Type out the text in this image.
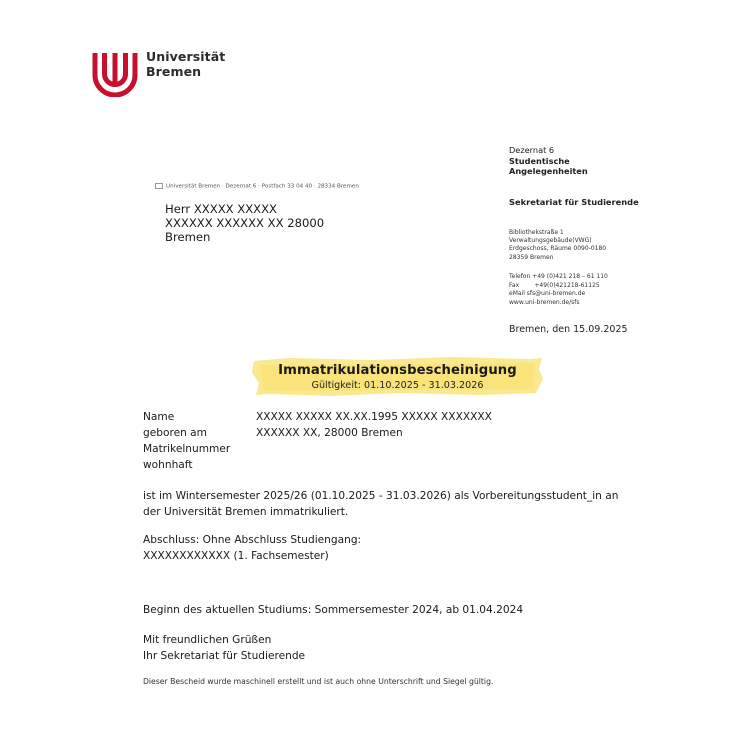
Universität
Bremen
Dezernat 6
Studentische
Angelegenheiten
Sekretariat für Studierende
Bibliothekstraße 1
Verwaltungsgebäude(VWG)
Erdgeschoss, Räume 0090-0180
28359 Bremen
Telefon +49 (0)421 218 – 61 110
Fax        +49(0)421218-61125
eMail sfs@uni-bremen.de
www.uni-bremen.de/sfs
Bremen, den 15.09.2025
Universität Bremen · Dezernat 6 · Postfach 33 04 40 · 28334 Bremen
Herr XXXXX XXXXX
XXXXXX XXXXXX XX 28000
Bremen
Immatrikulationsbescheinigung
Gültigkeit: 01.10.2025 - 31.03.2026
Name
geboren am
Matrikelnummer
wohnhaft
XXXXX XXXXX XX.XX.1995 XXXXX XXXXXXX
XXXXXX XX, 28000 Bremen
ist im Wintersemester 2025/26 (01.10.2025 - 31.03.2026) als Vorbereitungsstudent_in an
der Universität Bremen immatrikuliert.
Abschluss: Ohne Abschluss Studiengang:
XXXXXXXXXXXX (1. Fachsemester)
Beginn des aktuellen Studiums: Sommersemester 2024, ab 01.04.2024
Mit freundlichen Grüßen
Ihr Sekretariat für Studierende
Dieser Bescheid wurde maschinell erstellt und ist auch ohne Unterschrift und Siegel gültig.
